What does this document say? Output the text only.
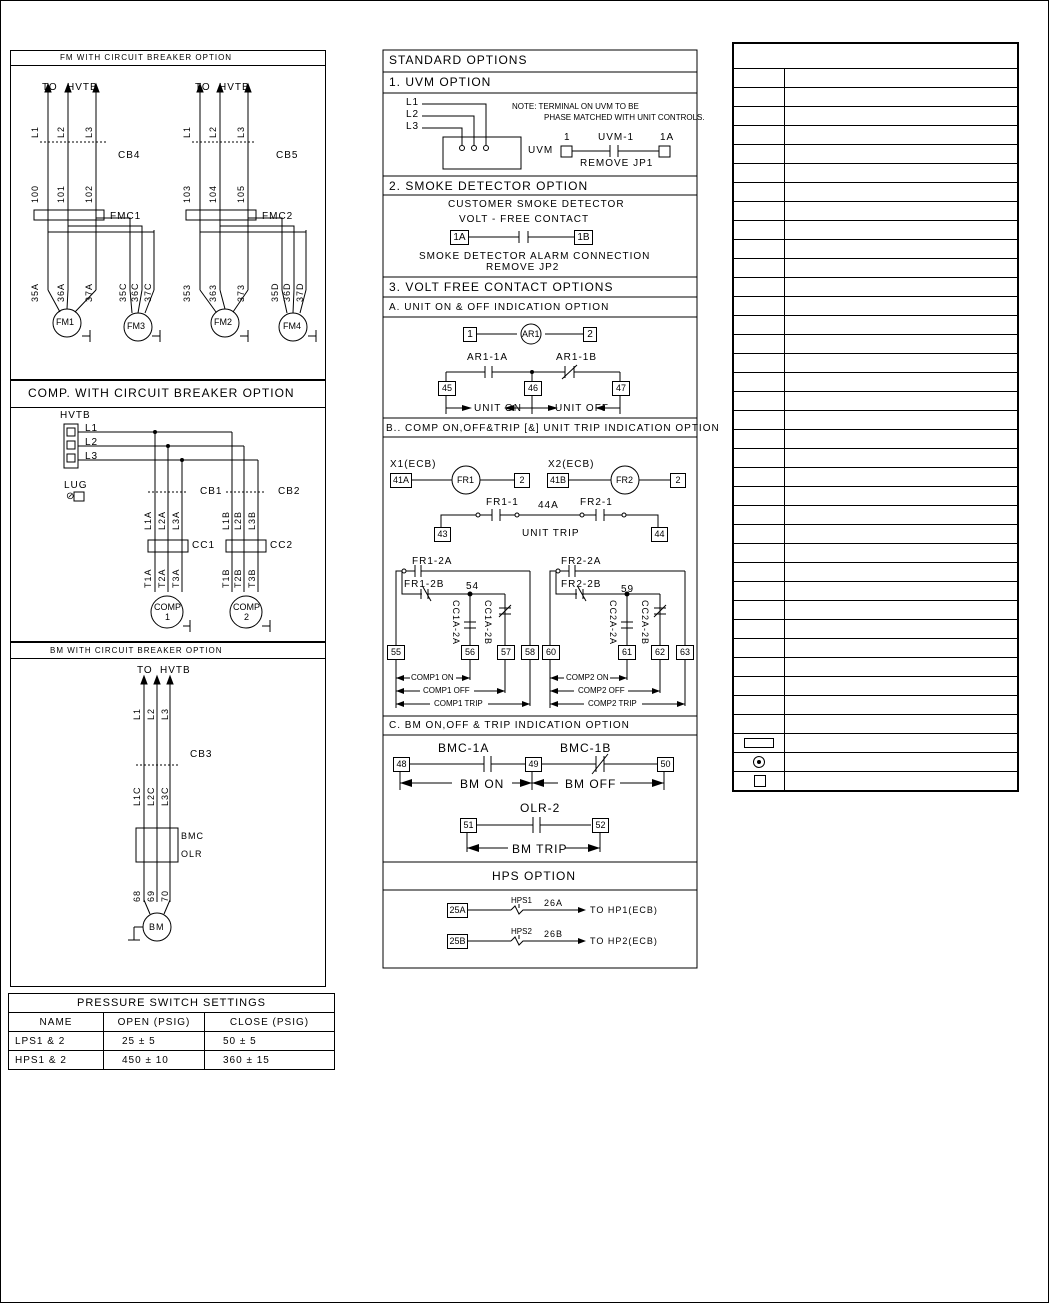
FM WITH CIRCUIT BREAKER OPTION
COMP. WITH CIRCUIT BREAKER OPTION
BM WITH CIRCUIT BREAKER OPTION
TO HVTB
L1 L2 L3
CB4
100 101 102
FMC1
35A 36A 37A	35C 36C 37C
FM1	FM3
TO HVTB
L1 L2 L3
CB5
103 104 105
FMC2
353 363 373	35D 36D 37D
FM2	FM4
HVTB
L1
L2
L3
LUG
⊘	CB1	CB2
L1A L2A L3A	L1B L2B L3B
CC1	CC2
T1A T2A T3A	T1B T2B T3B
COMP
1
COMP
2
TO HVTB
L1 L2 L3
CB3
L1C L2C L3C
BMC
OLR
68 69 70
BM
PRESSURE SWITCH SETTINGS		
NAME	OPEN (PSIG)	CLOSE (PSIG)
LPS1 & 2	25 ± 5	50 ± 5
HPS1 & 2	450 ± 10	360 ± 15
STANDARD OPTIONS
1. UVM OPTION
L1
L2
L3
UVM
NOTE: TERMINAL ON UVM TO BE
PHASE MATCHED WITH UNIT CONTROLS.
1	UVM-1	1A
REMOVE JP1
2. SMOKE DETECTOR OPTION
CUSTOMER SMOKE DETECTOR
VOLT - FREE CONTACT
1A	1B
SMOKE DETECTOR ALARM CONNECTION
REMOVE JP2
3. VOLT FREE CONTACT OPTIONS
A. UNIT ON & OFF INDICATION OPTION
1	AR1	2
AR1-1A	AR1-1B
45	46	47
UNIT ON	UNIT OFF
B.. COMP ON,OFF&TRIP [&] UNIT TRIP INDICATION OPTION
X1(ECB)	X2(ECB)
41A	FR1	2	41B	FR2	2
FR1-1 44A FR2-1
43	UNIT TRIP	44
FR1-2A
FR1-2B 54
CC1A-2A CC1A-2B
FR2-2A
FR2-2B 59
CC2A-2A CC2A-2B
55	56	57	58	60	61	62	63
COMP1 ON
COMP1 OFF
COMP1 TRIP
COMP2 ON
COMP2 OFF
COMP2 TRIP
C. BM ON,OFF & TRIP INDICATION OPTION
BMC-1A	BMC-1B
48	49	50
BM ON	BM OFF
OLR-2
51	52
BM TRIP
HPS OPTION
25A
HPS1 26A
TO HP1(ECB)
25B
HPS2 26B
TO HP2(ECB)
